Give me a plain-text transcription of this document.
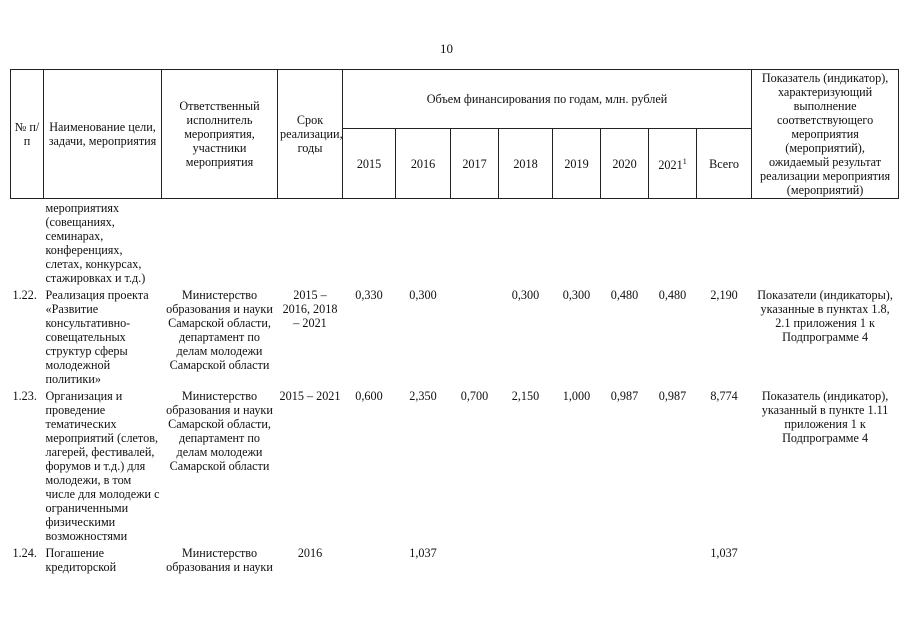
10
№ п/п	Наименование цели, задачи, мероприятия	Ответственный исполнитель мероприятия, участники мероприятия	Срок реализации, годы	Объем финансирования по годам, млн. рублей								Показатель (индикатор), характеризующий выполнение соответствующего мероприятия (мероприятий), ожидаемый результат реализации мероприятия (мероприятий)
				2015	2016	2017	2018	2019	2020	2021$^1$	Всего	
	мероприятиях (совещаниях, семинарах, конференциях, слетах, конкурсах, стажировках и т.д.)											
1.22.	Реализация проекта «Развитие консультативно-совещательных структур сферы молодежной политики»	Министерство образования и науки Самарской области, департамент по делам молодежи Самарской области	2015 – 2016, 2018 – 2021	0,330	0,300		0,300	0,300	0,480	0,480	2,190	Показатели (индикаторы), указанные в пунктах 1.8, 2.1 приложения 1 к Подпрограмме 4
1.23.	Организация и проведение тематических мероприятий (слетов, лагерей, фестивалей, форумов и т.д.) для молодежи, в том числе для молодежи с ограниченными физическими возможностями	Министерство образования и науки Самарской области, департамент по делам молодежи Самарской области	2015 – 2021	0,600	2,350	0,700	2,150	1,000	0,987	0,987	8,774	Показатель (индикатор), указанный в пункте 1.11 приложения 1 к Подпрограмме 4
1.24.	Погашение кредиторской	Министерство образования и науки	2016		1,037						1,037	
